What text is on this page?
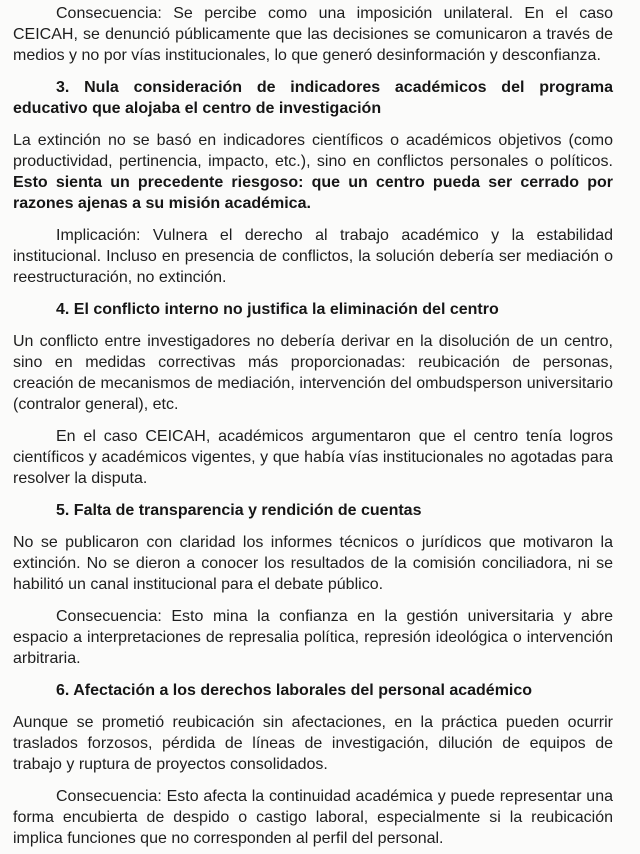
Consecuencia: Se percibe como una imposición unilateral. En el caso CEICAH, se denunció públicamente que las decisiones se comunicaron a través de medios y no por vías institucionales, lo que generó desinformación y desconfianza.

3. Nula consideración de indicadores académicos del programa educativo que alojaba el centro de investigación

La extinción no se basó en indicadores científicos o académicos objetivos (como productividad, pertinencia, impacto, etc.), sino en conflictos personales o políticos. Esto sienta un precedente riesgoso: que un centro pueda ser cerrado por razones ajenas a su misión académica.

Implicación: Vulnera el derecho al trabajo académico y la estabilidad institucional. Incluso en presencia de conflictos, la solución debería ser mediación o reestructuración, no extinción.

4. El conflicto interno no justifica la eliminación del centro

Un conflicto entre investigadores no debería derivar en la disolución de un centro, sino en medidas correctivas más proporcionadas: reubicación de personas, creación de mecanismos de mediación, intervención del ombudsperson universitario (contralor general), etc.

En el caso CEICAH, académicos argumentaron que el centro tenía logros científicos y académicos vigentes, y que había vías institucionales no agotadas para resolver la disputa.

5. Falta de transparencia y rendición de cuentas

No se publicaron con claridad los informes técnicos o jurídicos que motivaron la extinción. No se dieron a conocer los resultados de la comisión conciliadora, ni se habilitó un canal institucional para el debate público.

Consecuencia: Esto mina la confianza en la gestión universitaria y abre espacio a interpretaciones de represalia política, represión ideológica o intervención arbitraria.

6. Afectación a los derechos laborales del personal académico

Aunque se prometió reubicación sin afectaciones, en la práctica pueden ocurrir traslados forzosos, pérdida de líneas de investigación, dilución de equipos de trabajo y ruptura de proyectos consolidados.

Consecuencia: Esto afecta la continuidad académica y puede representar una forma encubierta de despido o castigo laboral, especialmente si la reubicación implica funciones que no corresponden al perfil del personal.
